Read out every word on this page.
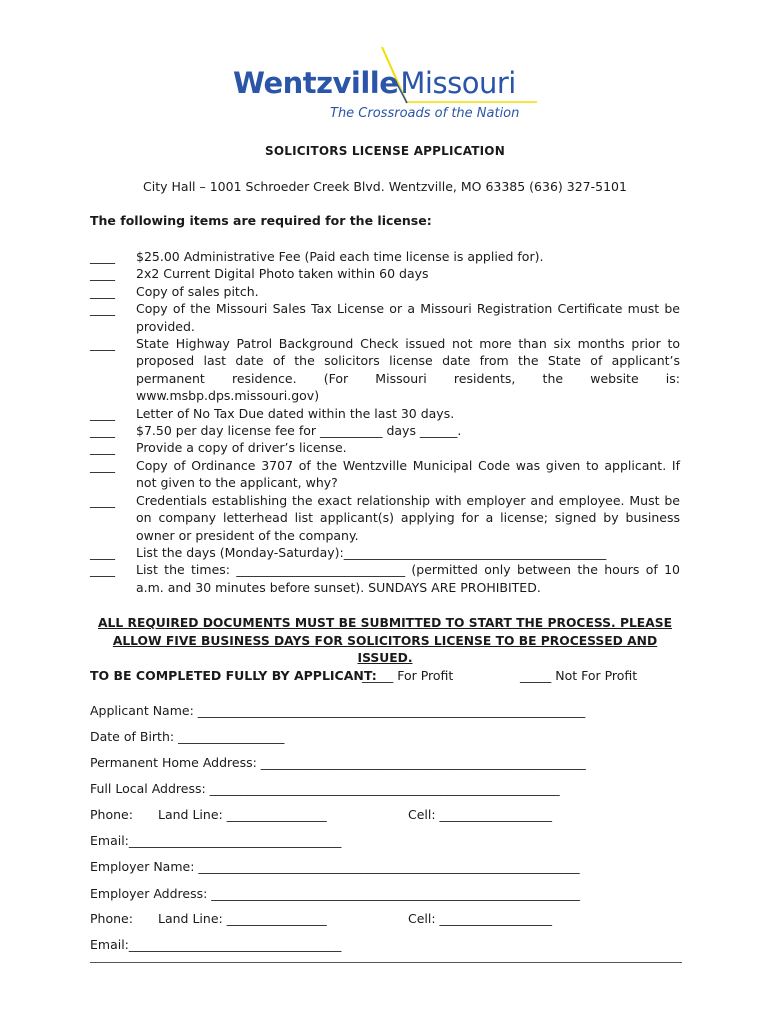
WentzvilleMissouri
The Crossroads of the Nation
SOLICITORS LICENSE APPLICATION
City Hall – 1001 Schroeder Creek Blvd. Wentzville, MO 63385 (636) 327-5101
The following items are required for the license:
____	$25.00 Administrative Fee (Paid each time license is applied for).
____	2x2 Current Digital Photo taken within 60 days
____	Copy of sales pitch.
____	Copy of the Missouri Sales Tax License or a Missouri Registration Certificate must be provided.
____	State Highway Patrol Background Check issued not more than six months prior to proposed last date of the solicitors license date from the State of applicant’s permanent residence. (For Missouri residents, the website is: www.msbp.dps.missouri.gov)
____	Letter of No Tax Due dated within the last 30 days.
____	$7.50 per day license fee for __________ days ______.
____	Provide a copy of driver’s license.
____	Copy of Ordinance 3707 of the Wentzville Municipal Code was given to applicant. If not given to the applicant, why?
____	Credentials establishing the exact relationship with employer and employee. Must be on company letterhead list applicant(s) applying for a license; signed by business owner or president of the company.
____	List the days (Monday-Saturday):__________________________________________
____	List the times: ___________________________ (permitted only between the hours of 10 a.m. and 30 minutes before sunset). SUNDAYS ARE PROHIBITED.
ALL REQUIRED DOCUMENTS MUST BE SUBMITTED TO START THE PROCESS. PLEASE ALLOW FIVE BUSINESS DAYS FOR SOLICITORS LICENSE TO BE PROCESSED AND ISSUED.
TO BE COMPLETED FULLY BY APPLICANT:
_____ For Profit	_____ Not For Profit
Applicant Name: ______________________________________________________________
Date of Birth: _________________
Permanent Home Address: ____________________________________________________
Full Local Address: ________________________________________________________
Phone: Land Line: ________________	Cell: __________________
Email:__________________________________
Employer Name: _____________________________________________________________
Employer Address: ___________________________________________________________
Phone: Land Line: ________________	Cell: __________________
Email:__________________________________
